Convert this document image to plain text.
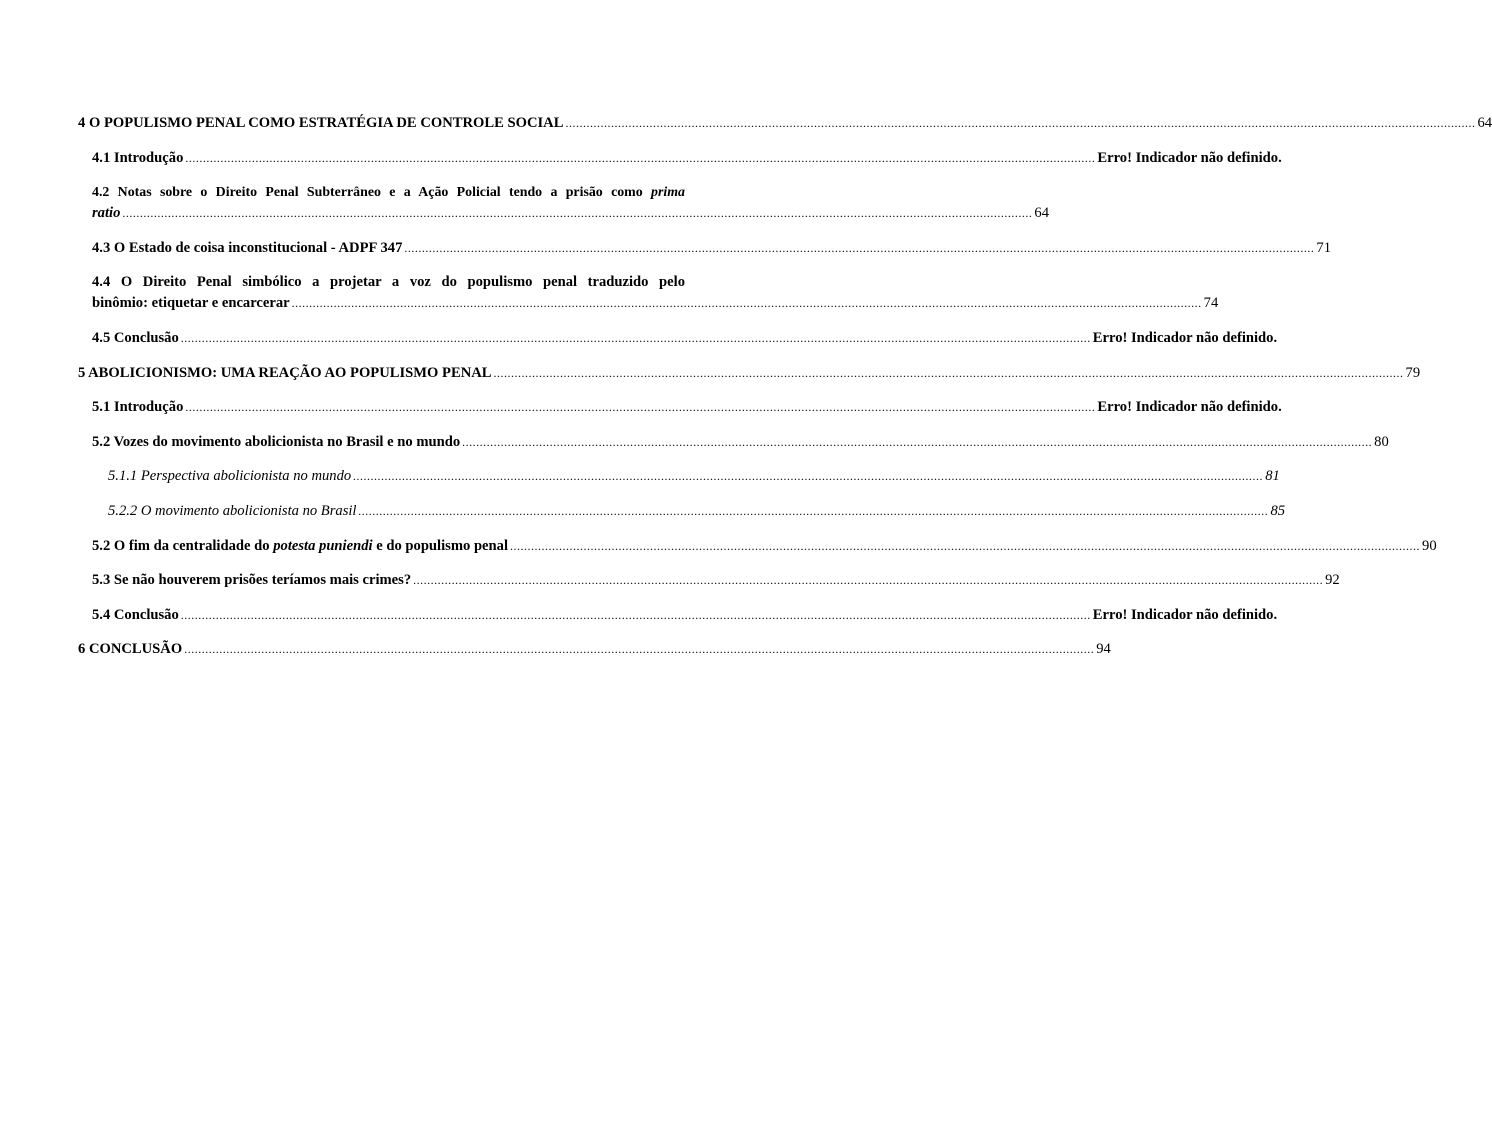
4 O POPULISMO PENAL COMO ESTRATÉGIA DE CONTROLE SOCIAL .....	64
4.1 Introdução .....	Erro! Indicador não definido.
4.2 Notas sobre o Direito Penal Subterrâneo e a Ação Policial tendo a prisão como prima
ratio .....	64
4.3 O Estado de coisa inconstitucional - ADPF 347 .....	71
4.4 O Direito Penal simbólico a projetar a voz do populismo penal traduzido pelo
binômio: etiquetar e encarcerar .....	74
4.5 Conclusão .....	Erro! Indicador não definido.
5 ABOLICIONISMO: UMA REAÇÃO AO POPULISMO PENAL .....	79
5.1 Introdução .....	Erro! Indicador não definido.
5.2 Vozes do movimento abolicionista no Brasil e no mundo .....	80
5.1.1 Perspectiva abolicionista no mundo .....	81
5.2.2 O movimento abolicionista no Brasil .....	85
5.2 O fim da centralidade do potesta puniendi e do populismo penal .....	90
5.3 Se não houverem prisões teríamos mais crimes? .....	92
5.4 Conclusão .....	Erro! Indicador não definido.
6 CONCLUSÃO .....	94
